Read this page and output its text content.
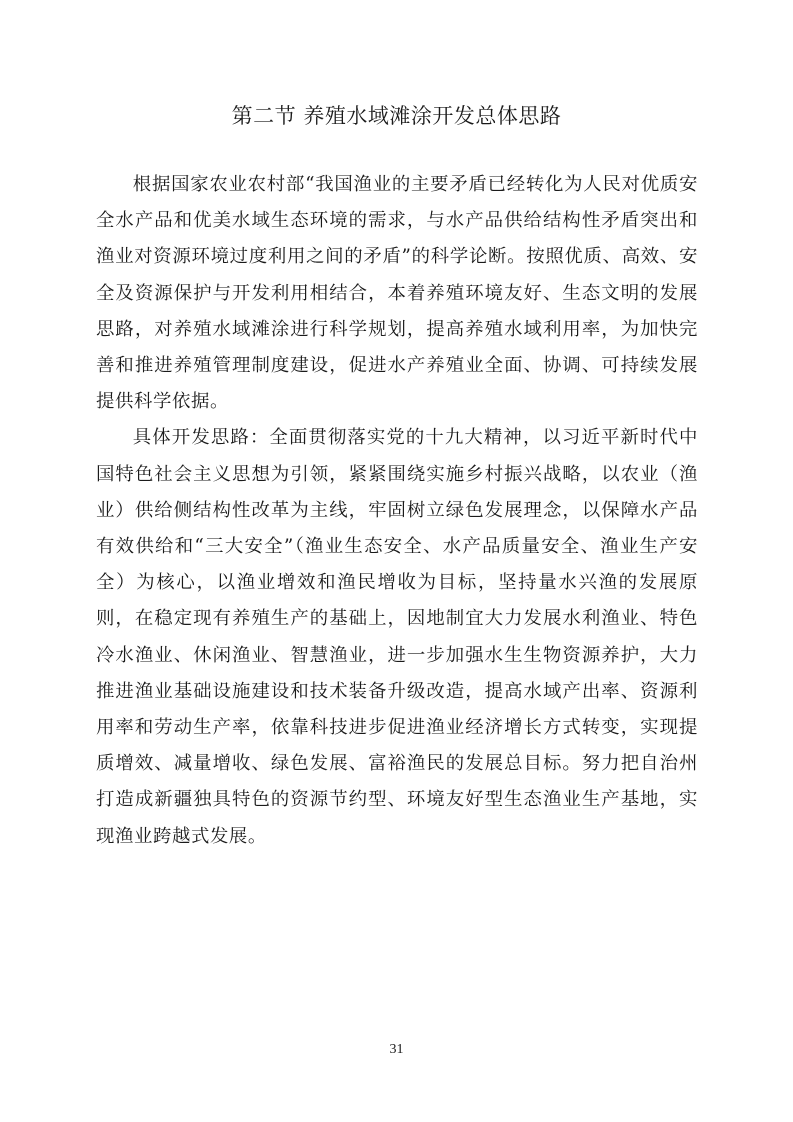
第二节 养殖水域滩涂开发总体思路

根据国家农业农村部“我国渔业的主要矛盾已经转化为人民对优质安全水产品和优美水域生态环境的需求，与水产品供给结构性矛盾突出和渔业对资源环境过度利用之间的矛盾”的科学论断。按照优质、高效、安全及资源保护与开发利用相结合，本着养殖环境友好、生态文明的发展思路，对养殖水域滩涂进行科学规划，提高养殖水域利用率，为加快完善和推进养殖管理制度建设，促进水产养殖业全面、协调、可持续发展提供科学依据。

具体开发思路：全面贯彻落实党的十九大精神，以习近平新时代中国特色社会主义思想为引领，紧紧围绕实施乡村振兴战略，以农业（渔业）供给侧结构性改革为主线，牢固树立绿色发展理念，以保障水产品有效供给和“三大安全”（渔业生态安全、水产品质量安全、渔业生产安全）为核心，以渔业增效和渔民增收为目标，坚持量水兴渔的发展原则，在稳定现有养殖生产的基础上，因地制宜大力发展水利渔业、特色冷水渔业、休闲渔业、智慧渔业，进一步加强水生生物资源养护，大力推进渔业基础设施建设和技术装备升级改造，提高水域产出率、资源利用率和劳动生产率，依靠科技进步促进渔业经济增长方式转变，实现提质增效、减量增收、绿色发展、富裕渔民的发展总目标。努力把自治州打造成新疆独具特色的资源节约型、环境友好型生态渔业生产基地，实现渔业跨越式发展。

31
